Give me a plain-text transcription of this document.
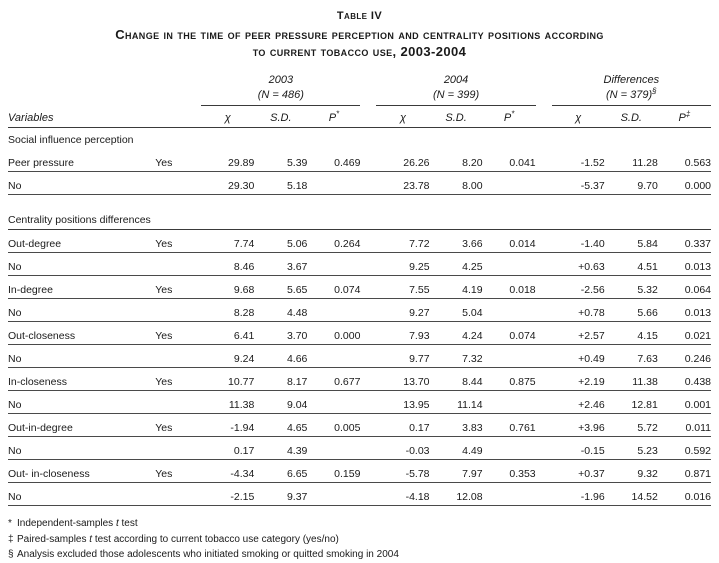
Table IV
Change in the time of peer pressure perception and centrality positions according
to current tobacco use, 2003-2004

2003
(N = 486)

2004
(N = 399)

Differences
(N = 379)§

Variables		χ	S.D.	P*		χ	S.D.	P*		χ	S.D.	P‡
Social influence perception												
Peer pressure	Yes	29.89	5.39	0.469		26.26	8.20	0.041		-1.52	11.28	0.563
No		29.30	5.18			23.78	8.00			-5.37	9.70	0.000

Centrality positions differences												
Out-degree	Yes	7.74	5.06	0.264		7.72	3.66	0.014		-1.40	5.84	0.337
No		8.46	3.67			9.25	4.25			+0.63	4.51	0.013
In-degree	Yes	9.68	5.65	0.074		7.55	4.19	0.018		-2.56	5.32	0.064
No		8.28	4.48			9.27	5.04			+0.78	5.66	0.013
Out-closeness	Yes	6.41	3.70	0.000		7.93	4.24	0.074		+2.57	4.15	0.021
No		9.24	4.66			9.77	7.32			+0.49	7.63	0.246
In-closeness	Yes	10.77	8.17	0.677		13.70	8.44	0.875		+2.19	11.38	0.438
No		11.38	9.04			13.95	11.14			+2.46	12.81	0.001
Out-in-degree	Yes	-1.94	4.65	0.005		0.17	3.83	0.761		+3.96	5.72	0.011
No		0.17	4.39			-0.03	4.49			-0.15	5.23	0.592
Out- in-closeness	Yes	-4.34	6.65	0.159		-5.78	7.97	0.353		+0.37	9.32	0.871
No		-2.15	9.37			-4.18	12.08			-1.96	14.52	0.016
* Independent-samples t test
‡ Paired-samples t test according to current tobacco use category (yes/no)
§ Analysis excluded those adolescents who initiated smoking or quitted smoking in 2004
